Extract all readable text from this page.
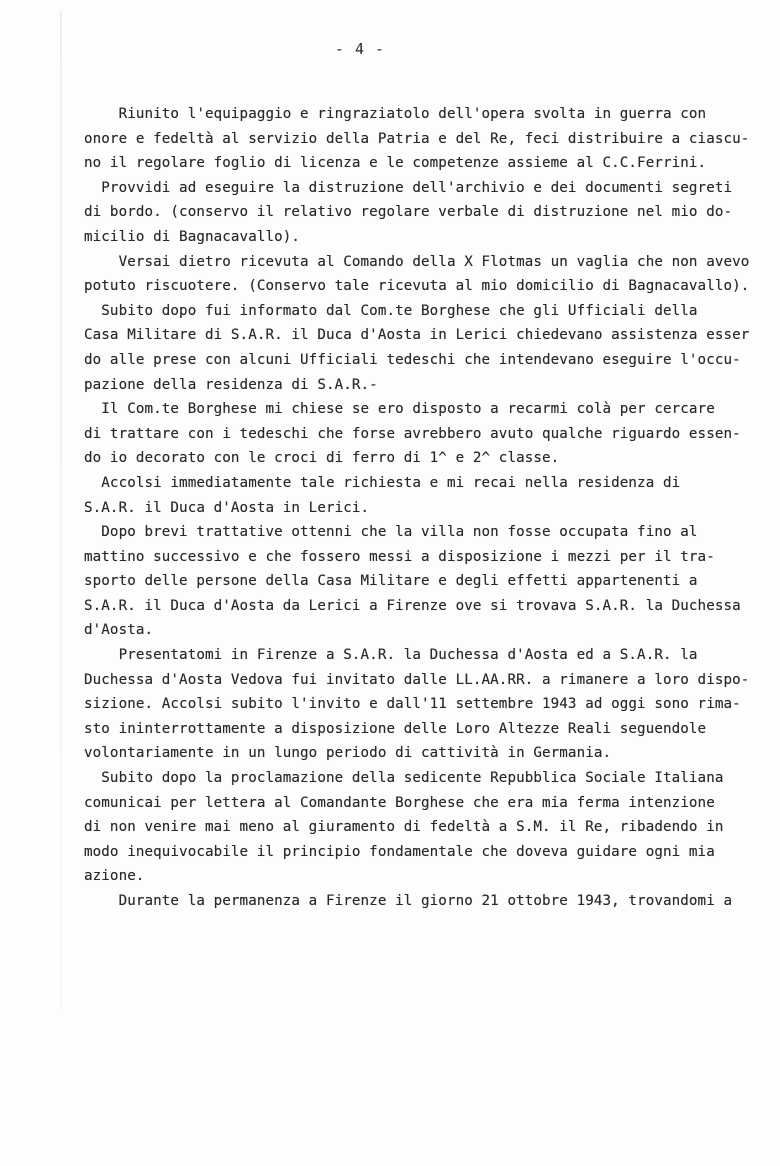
- 4 -
Riunito l'equipaggio e ringraziatolo dell'opera svolta in guerra con
onore e fedeltà al servizio della Patria e del Re, feci distribuire a ciascu-
no il regolare foglio di licenza e le competenze assieme al C.C.Ferrini.
Provvidi ad eseguire la distruzione dell'archivio e dei documenti segreti
di bordo. (conservo il relativo regolare verbale di distruzione nel mio do-
micilio di Bagnacavallo).
Versai dietro ricevuta al Comando della X Flotmas un vaglia che non avevo
potuto riscuotere. (Conservo tale ricevuta al mio domicilio di Bagnacavallo).
Subito dopo fui informato dal Com.te Borghese che gli Ufficiali della
Casa Militare di S.A.R. il Duca d'Aosta in Lerici chiedevano assistenza esser
do alle prese con alcuni Ufficiali tedeschi che intendevano eseguire l'occu-
pazione della residenza di S.A.R.-
Il Com.te Borghese mi chiese se ero disposto a recarmi colà per cercare
di trattare con i tedeschi che forse avrebbero avuto qualche riguardo essen-
do io decorato con le croci di ferro di 1^ e 2^ classe.
Accolsi immediatamente tale richiesta e mi recai nella residenza di
S.A.R. il Duca d'Aosta in Lerici.
Dopo brevi trattative ottenni che la villa non fosse occupata fino al
mattino successivo e che fossero messi a disposizione i mezzi per il tra-
sporto delle persone della Casa Militare e degli effetti appartenenti a
S.A.R. il Duca d'Aosta da Lerici a Firenze ove si trovava S.A.R. la Duchessa
d'Aosta.
Presentatomi in Firenze a S.A.R. la Duchessa d'Aosta ed a S.A.R. la
Duchessa d'Aosta Vedova fui invitato dalle LL.AA.RR. a rimanere a loro dispo-
sizione. Accolsi subito l'invito e dall'11 settembre 1943 ad oggi sono rima-
sto ininterrottamente a disposizione delle Loro Altezze Reali seguendole
volontariamente in un lungo periodo di cattività in Germania.
Subito dopo la proclamazione della sedicente Repubblica Sociale Italiana
comunicai per lettera al Comandante Borghese che era mia ferma intenzione
di non venire mai meno al giuramento di fedeltà a S.M. il Re, ribadendo in
modo inequivocabile il principio fondamentale che doveva guidare ogni mia
azione.
Durante la permanenza a Firenze il giorno 21 ottobre 1943, trovandomi a
